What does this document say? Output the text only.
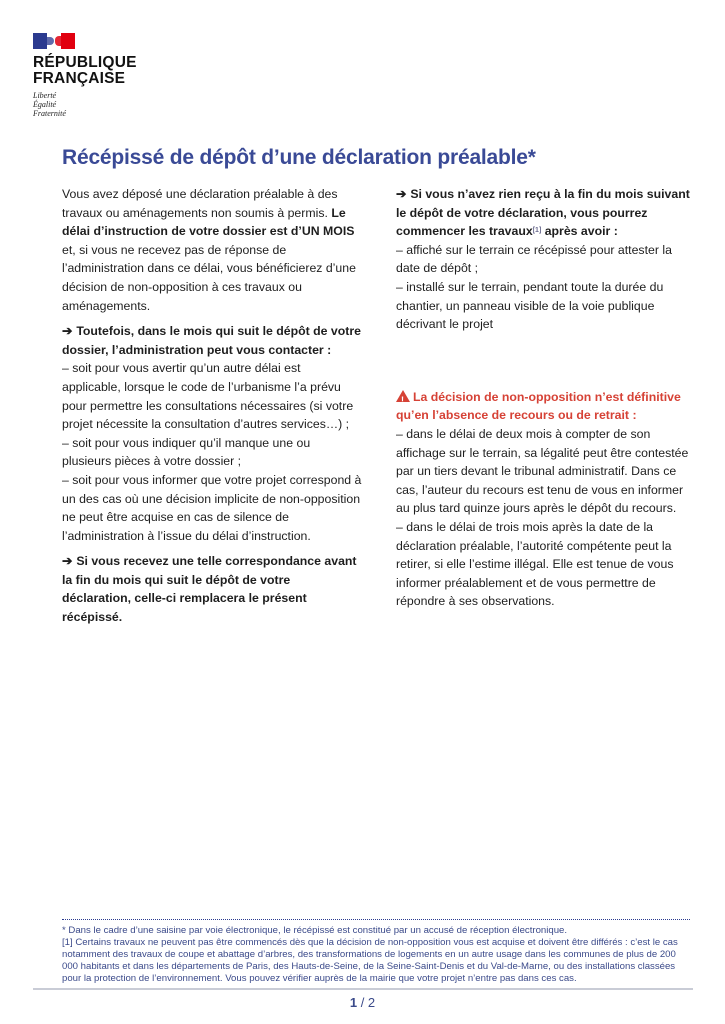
RÉPUBLIQUE
FRANÇAISE
Liberté
Égalité
Fraternité
Récépissé de dépôt d’une déclaration préalable*

Vous avez déposé une déclaration préalable à des travaux ou aménagements non soumis à permis. Le délai d’instruction de votre dossier est d’UN MOIS et, si vous ne recevez pas de réponse de l’administration dans ce délai, vous bénéficierez d’une décision de non-opposition à ces travaux ou aménagements.

➔ Toutefois, dans le mois qui suit le dépôt de votre dossier, l’administration peut vous contacter :
– soit pour vous avertir qu’un autre délai est applicable, lorsque le code de l’urbanisme l’a prévu pour permettre les consultations nécessaires (si votre projet nécessite la consultation d’autres services…) ;
– soit pour vous indiquer qu’il manque une ou plusieurs pièces à votre dossier ;
– soit pour vous informer que votre projet correspond à un des cas où une décision implicite de non-opposition ne peut être acquise en cas de silence de l’administration à l’issue du délai d’instruction.

➔ Si vous recevez une telle correspondance avant la fin du mois qui suit le dépôt de votre déclaration, celle-ci remplacera le présent récépissé.

➔ Si vous n’avez rien reçu à la fin du mois suivant le dépôt de votre déclaration, vous pourrez commencer les travaux[1] après avoir :
– affiché sur le terrain ce récépissé pour attester la date de dépôt ;
– installé sur le terrain, pendant toute la durée du chantier, un panneau visible de la voie publique décrivant le projet

!La décision de non-opposition n’est définitive qu’en l’absence de recours ou de retrait :
– dans le délai de deux mois à compter de son affichage sur le terrain, sa légalité peut être contestée par un tiers devant le tribunal administratif. Dans ce cas, l’auteur du recours est tenu de vous en informer au plus tard quinze jours après le dépôt du recours.
– dans le délai de trois mois après la date de la déclaration préalable, l’autorité compétente peut la retirer, si elle l’estime illégal. Elle est tenue de vous informer préalablement et de vous permettre de répondre à ses observations.

* Dans le cadre d’une saisine par voie électronique, le récépissé est constitué par un accusé de réception électronique.

[1] Certains travaux ne peuvent pas être commencés dès que la décision de non-opposition vous est acquise et doivent être différés : c’est le cas notamment des travaux de coupe et abattage d’arbres, des transformations de logements en un autre usage dans les communes de plus de 200 000 habitants et dans les départements de Paris, des Hauts-de-Seine, de la Seine-Saint-Denis et du Val-de-Marne, ou des installations classées pour la protection de l’environnement. Vous pouvez vérifier auprès de la mairie que votre projet n’entre pas dans ces cas.

1 / 2
